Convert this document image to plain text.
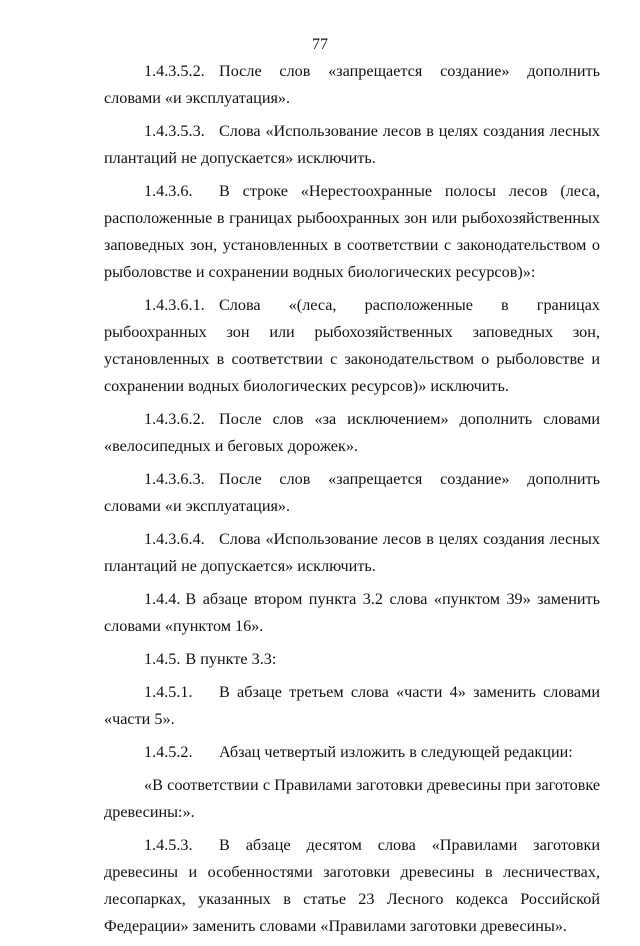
77

1.4.3.5.2. После слов «запрещается создание» дополнить словами «и эксплуатация».

1.4.3.5.3. Слова «Использование лесов в целях создания лесных плантаций не допускается» исключить.

1.4.3.6. В строке «Нерестоохранные полосы лесов (леса, расположенные в границах рыбоохранных зон или рыбохозяйственных заповедных зон, установленных в соответствии с законодательством о рыболовстве и сохранении водных биологических ресурсов)»:

1.4.3.6.1. Слова «(леса, расположенные в границах рыбоохранных зон или рыбохозяйственных заповедных зон, установленных в соответствии с законодательством о рыболовстве и сохранении водных биологических ресурсов)» исключить.

1.4.3.6.2. После слов «за исключением» дополнить словами «велосипедных и беговых дорожек».

1.4.3.6.3. После слов «запрещается создание» дополнить словами «и эксплуатация».

1.4.3.6.4. Слова «Использование лесов в целях создания лесных плантаций не допускается» исключить.

1.4.4. В абзаце втором пункта 3.2 слова «пунктом 39» заменить словами «пунктом 16».

1.4.5. В пункте 3.3:

1.4.5.1. В абзаце третьем слова «части 4» заменить словами «части 5».

1.4.5.2. Абзац четвертый изложить в следующей редакции:

«В соответствии с Правилами заготовки древесины при заготовке древесины:».

1.4.5.3. В абзаце десятом слова «Правилами заготовки древесины и особенностями заготовки древесины в лесничествах, лесопарках, указанных в статье 23 Лесного кодекса Российской Федерации» заменить словами «Правилами заготовки древесины».
